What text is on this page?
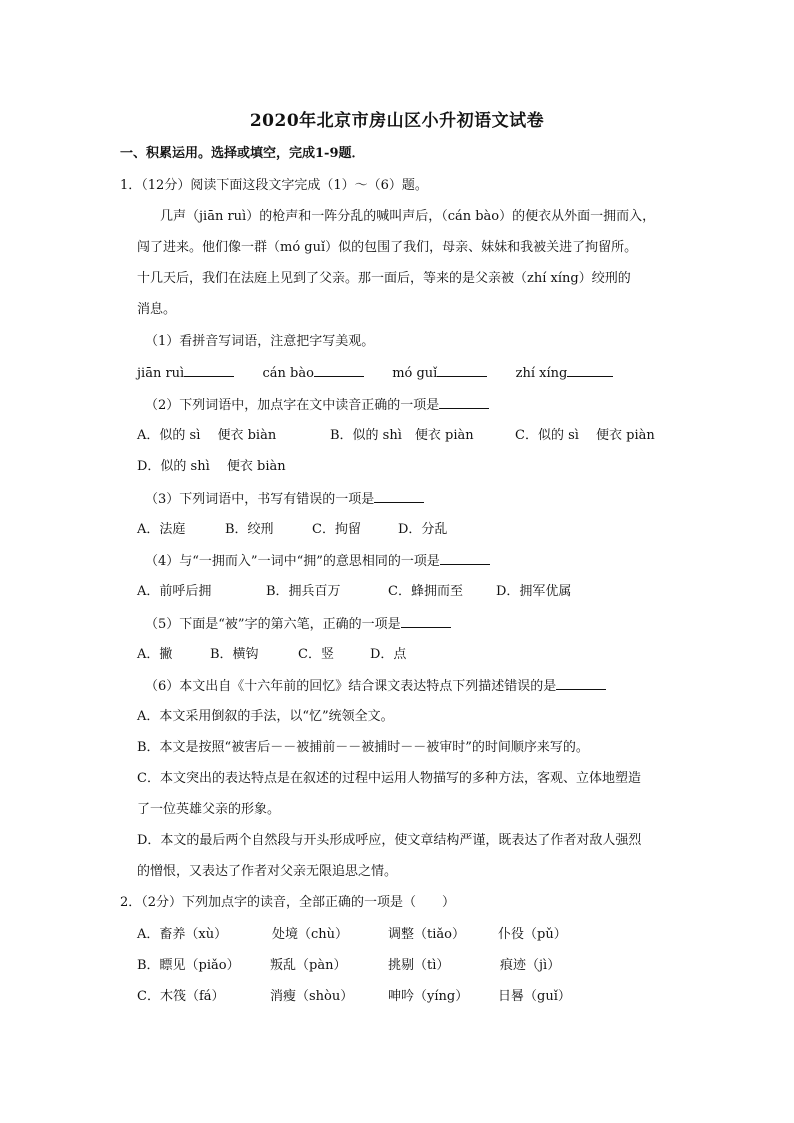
2020年北京市房山区小升初语文试卷
一、积累运用。选择或填空，完成1-9题．
1．（12分）阅读下面这段文字完成（1）～（6）题。
几声（jiān ruì）的枪声和一阵分乱的喊叫声后，（cán bào）的便衣从外面一拥而入，
闯了进来。他们像一群（mó guǐ）似的包围了我们，母亲、妹妹和我被关进了拘留所。
十几天后，我们在法庭上见到了父亲。那一面后，等来的是父亲被（zhí xíng）绞刑的
消息。
（1）看拼音写词语，注意把字写美观。
jiān ruì	cán bào	mó guǐ	zhí xíng
（2）下列词语中，加点字在文中读音正确的一项是
A．似的 sì　 便衣 biàn	B．似的 shì　便衣 piàn	C．似的 sì　 便衣 piàn
D．似的 shì　 便衣 biàn
（3）下列词语中，书写有错误的一项是
A．法庭	B．绞刑	C．拘留	D．分乱
（4）与“一拥而入”一词中“拥”的意思相同的一项是
A．前呼后拥	B．拥兵百万	C．蜂拥而至	D．拥军优属
（5）下面是“被”字的第六笔，正确的一项是
A．撇	B．横钩	C．竖	D．点
（6）本文出自《十六年前的回忆》结合课文表达特点下列描述错误的是
A．本文采用倒叙的手法，以“忆”统领全文。
B．本文是按照“被害后－－被捕前－－被捕时－－被审时”的时间顺序来写的。
C．本文突出的表达特点是在叙述的过程中运用人物描写的多种方法，客观、立体地塑造
了一位英雄父亲的形象。
D．本文的最后两个自然段与开头形成呼应，使文章结构严谨，既表达了作者对敌人强烈
的憎恨，又表达了作者对父亲无限追思之情。
2．（2分）下列加点字的读音，全部正确的一项是（　　）
A．畜养（xù）	处境（chù）	调整（tiǎo）	仆役（pǔ）
B．瞟见（piǎo） 叛乱（pàn）	挑剔（tì）	痕迹（jì）
C．木筏（fá）	消瘦（shòu）	呻吟（yíng） 日晷（guǐ）
